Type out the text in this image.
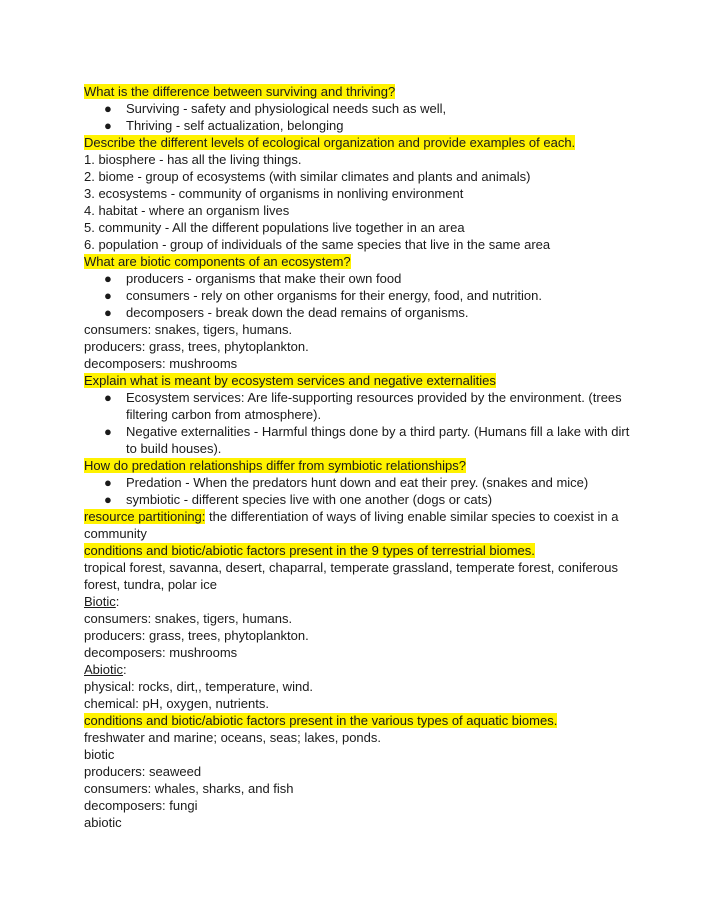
What is the difference between surviving and thriving?
● Surviving - safety and physiological needs such as well,
● Thriving - self actualization, belonging
Describe the different levels of ecological organization and provide examples of each.
1. biosphere - has all the living things.
2. biome - group of ecosystems (with similar climates and plants and animals)
3. ecosystems - community of organisms in nonliving environment
4. habitat - where an organism lives
5. community - All the different populations live together in an area
6. population - group of individuals of the same species that live in the same area
What are biotic components of an ecosystem?
● producers - organisms that make their own food
● consumers - rely on other organisms for their energy, food, and nutrition.
● decomposers - break down the dead remains of organisms.
consumers: snakes, tigers, humans.
producers: grass, trees, phytoplankton.
decomposers: mushrooms
Explain what is meant by ecosystem services and negative externalities
● Ecosystem services: Are life-supporting resources provided by the environment. (trees
filtering carbon from atmosphere).
● Negative externalities - Harmful things done by a third party. (Humans fill a lake with dirt
to build houses).
How do predation relationships differ from symbiotic relationships?
● Predation - When the predators hunt down and eat their prey. (snakes and mice)
● symbiotic - different species live with one another (dogs or cats)
resource partitioning: the differentiation of ways of living enable similar species to coexist in a
community
conditions and biotic/abiotic factors present in the 9 types of terrestrial biomes.
tropical forest, savanna, desert, chaparral, temperate grassland, temperate forest, coniferous
forest, tundra, polar ice
Biotic:
consumers: snakes, tigers, humans.
producers: grass, trees, phytoplankton.
decomposers: mushrooms
Abiotic:
physical: rocks, dirt,, temperature, wind.
chemical: pH, oxygen, nutrients.
conditions and biotic/abiotic factors present in the various types of aquatic biomes.
freshwater and marine; oceans, seas; lakes, ponds.
biotic
producers: seaweed
consumers: whales, sharks, and fish
decomposers: fungi
abiotic
